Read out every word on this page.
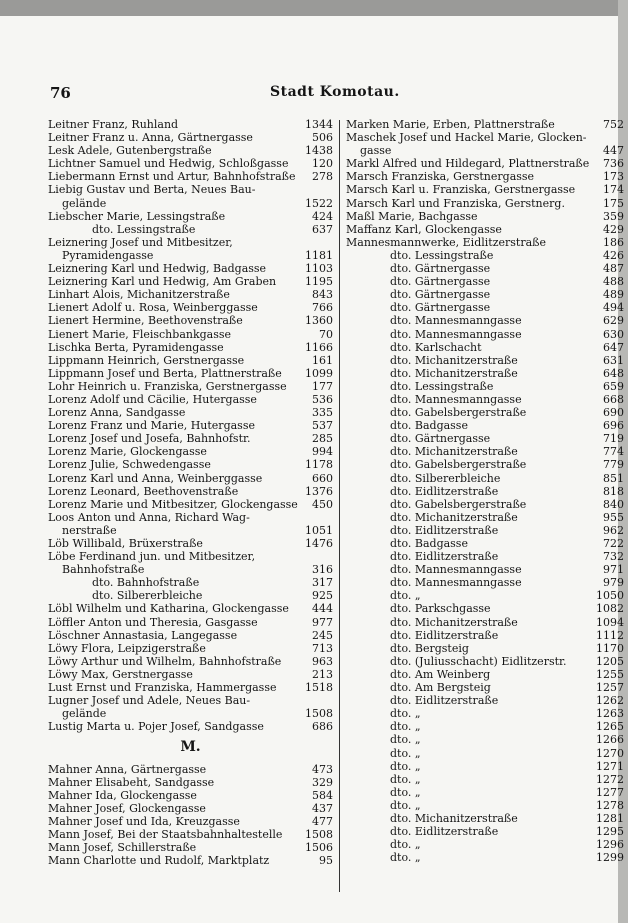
76	Stadt Komotau.
Leitner Franz, Ruhland	1344
Leitner Franz u. Anna, Gärtnergasse	506
Lesk Adele, Gutenbergstraße	1438
Lichtner Samuel und Hedwig, Schloßgasse 120
Liebermann Ernst und Artur, Bahnhofstraße 278
Liebig Gustav und Berta, Neues Bau-
gelände	1522
Liebscher Marie, Lessingstraße	424
dto. Lessingstraße	637
Leiznering Josef und Mitbesitzer,
Pyramidengasse	1181
Leiznering Karl und Hedwig, Badgasse	1103
Leiznering Karl und Hedwig, Am Graben	1195
Linhart Alois, Michanitzerstraße	843
Lienert Adolf u. Rosa, Weinberggasse	766
Lienert Hermine, Beethovenstraße	1360
Lienert Marie, Fleischbankgasse	70
Lischka Berta, Pyramidengasse	1166
Lippmann Heinrich, Gerstnergasse	161
Lippmann Josef und Berta, Plattnerstraße 1099
Lohr Heinrich u. Franziska, Gerstnergasse 177
Lorenz Adolf und Cäcilie, Hutergasse	536
Lorenz Anna, Sandgasse	335
Lorenz Franz und Marie, Hutergasse	537
Lorenz Josef und Josefa, Bahnhofstr.	285
Lorenz Marie, Glockengasse	994
Lorenz Julie, Schwedengasse	1178
Lorenz Karl und Anna, Weinberggasse	660
Lorenz Leonard, Beethovenstraße	1376
Lorenz Marie und Mitbesitzer, Glockengasse 450
Loos Anton und Anna, Richard Wag-
nerstraße	1051
Löb Willibald, Brüxerstraße	1476
Löbe Ferdinand jun. und Mitbesitzer,
Bahnhofstraße	316
dto. Bahnhofstraße	317
dto. Silbererbleiche	925
Löbl Wilhelm und Katharina, Glockengasse 444
Löffler Anton und Theresia, Gasgasse	977
Löschner Annastasia, Langegasse	245
Löwy Flora, Leipzigerstraße	713
Löwy Arthur und Wilhelm, Bahnhofstraße	963
Löwy Max, Gerstnergasse	213
Lust Ernst und Franziska, Hammergasse	1518
Lugner Josef und Adele, Neues Bau-
gelände	1508
Lustig Marta u. Pojer Josef, Sandgasse	686
M.
Mahner Anna, Gärtnergasse	473
Mahner Elisabeht, Sandgasse	329
Mahner Ida, Glockengasse	584
Mahner Josef, Glockengasse	437
Mahner Josef und Ida, Kreuzgasse	477
Mann Josef, Bei der Staatsbahnhaltestelle 1508
Mann Josef, Schillerstraße	1506
Mann Charlotte und Rudolf, Marktplatz	95
Marken Marie, Erben, Plattnerstraße	752
Maschek Josef und Hackel Marie, Glocken-
gasse	447
Markl Alfred und Hildegard, Plattnerstraße 736
Marsch Franziska, Gerstnergasse	173
Marsch Karl u. Franziska, Gerstnergasse	174
Marsch Karl und Franziska, Gerstnerg.	175
Maßl Marie, Bachgasse	359
Maffanz Karl, Glockengasse	429
Mannesmannwerke, Eidlitzerstraße	186
dto. Lessingstraße	426
dto. Gärtnergasse	487
dto. Gärtnergasse	488
dto. Gärtnergasse	489
dto. Gärtnergasse	494
dto. Mannesmanngasse	629
dto. Mannesmanngasse	630
dto. Karlschacht	647
dto. Michanitzerstraße	631
dto. Michanitzerstraße	648
dto. Lessingstraße	659
dto. Mannesmanngasse	668
dto. Gabelsbergerstraße	690
dto. Badgasse	696
dto. Gärtnergasse	719
dto. Michanitzerstraße	774
dto. Gabelsbergerstraße	779
dto. Silbererbleiche	851
dto. Eidlitzerstraße	818
dto. Gabelsbergerstraße	840
dto. Michanitzerstraße	955
dto. Eidlitzerstraße	962
dto. Badgasse	722
dto. Eidlitzerstraße	732
dto. Mannesmanngasse	971
dto. Mannesmanngasse	979
dto. „	1050
dto. Parkschgasse	1082
dto. Michanitzerstraße	1094
dto. Eidlitzerstraße	1112
dto. Bergsteig	1170
dto. (Juliusschacht) Eidlitzerstr.	1205
dto. Am Weinberg	1255
dto. Am Bergsteig	1257
dto. Eidlitzerstraße	1262
dto. „	1263
dto. „	1265
dto. „	1266
dto. „	1270
dto. „	1271
dto. „	1272
dto. „	1277
dto. „	1278
dto. Michanitzerstraße	1281
dto. Eidlitzerstraße	1295
dto. „	1296
dto. „	1299
